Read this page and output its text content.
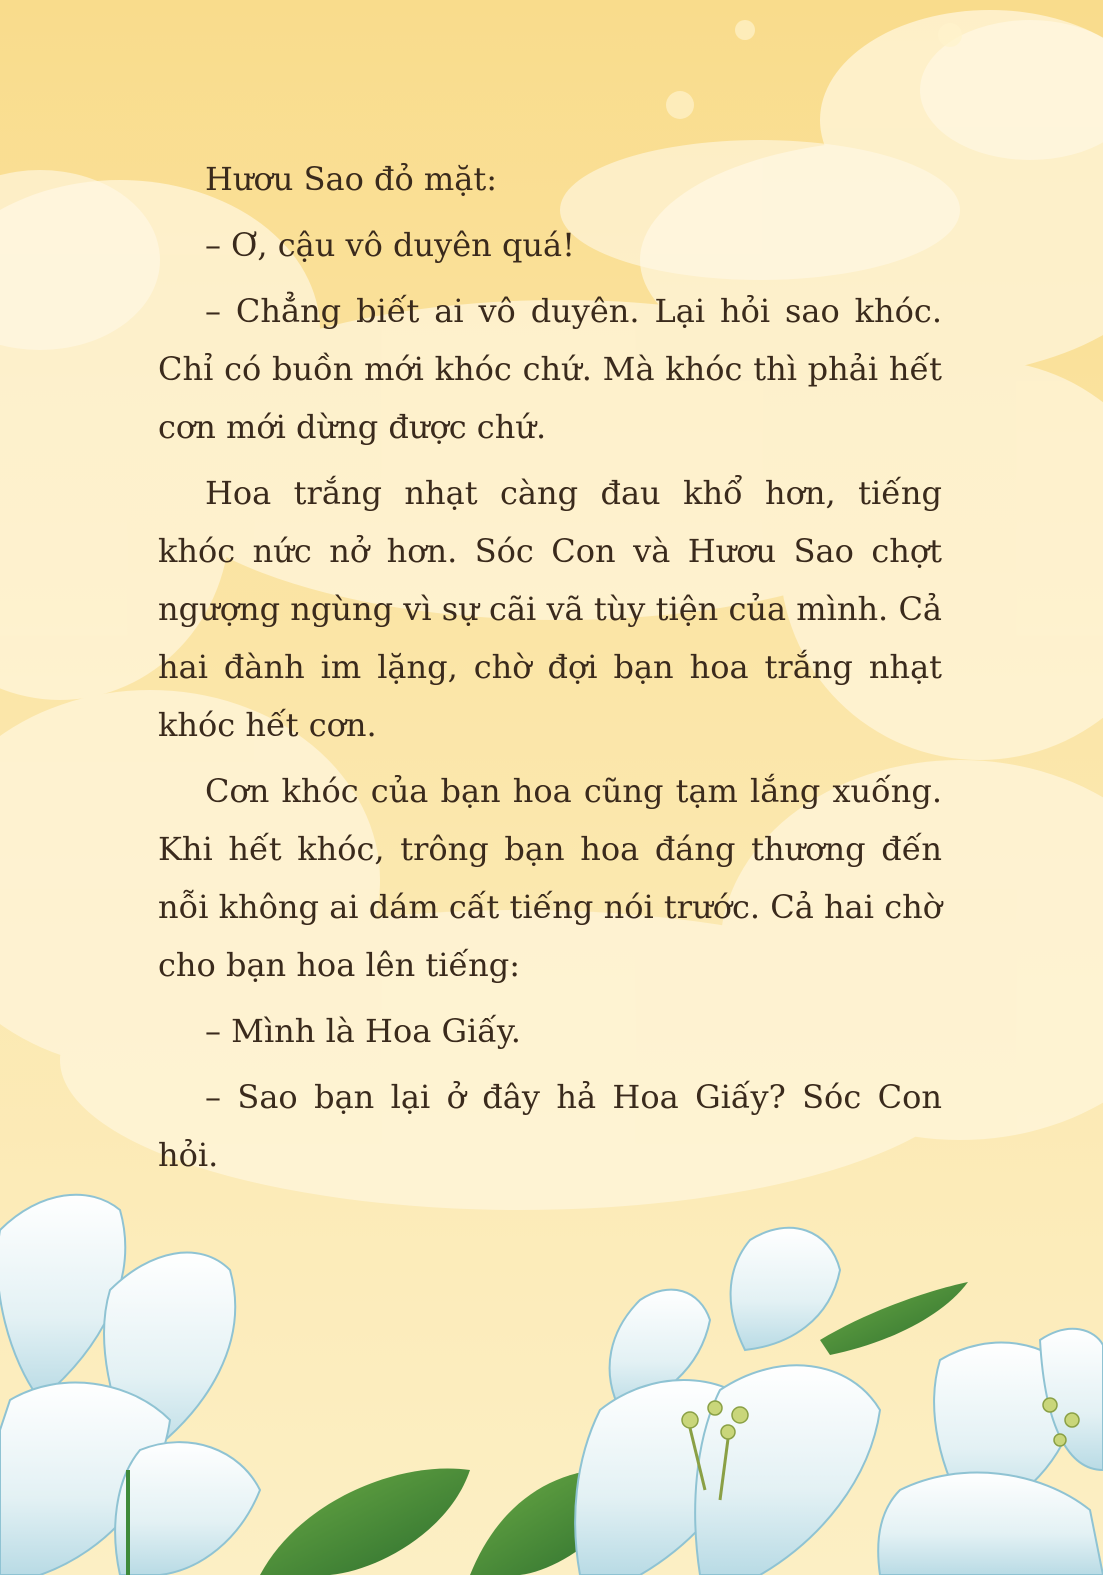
Hươu Sao đỏ mặt:

– Ơ, cậu vô duyên quá!

– Chẳng biết ai vô duyên. Lại hỏi sao khóc. Chỉ có buồn mới khóc chứ. Mà khóc thì phải hết cơn mới dừng được chứ.

Hoa trắng nhạt càng đau khổ hơn, tiếng khóc nức nở hơn. Sóc Con và Hươu Sao chợt ngượng ngùng vì sự cãi vã tùy tiện của mình. Cả hai đành im lặng, chờ đợi bạn hoa trắng nhạt khóc hết cơn.

Cơn khóc của bạn hoa cũng tạm lắng xuống. Khi hết khóc, trông bạn hoa đáng thương đến nỗi không ai dám cất tiếng nói trước. Cả hai chờ cho bạn hoa lên tiếng:

– Mình là Hoa Giấy.

– Sao bạn lại ở đây hả Hoa Giấy? Sóc Con hỏi.
